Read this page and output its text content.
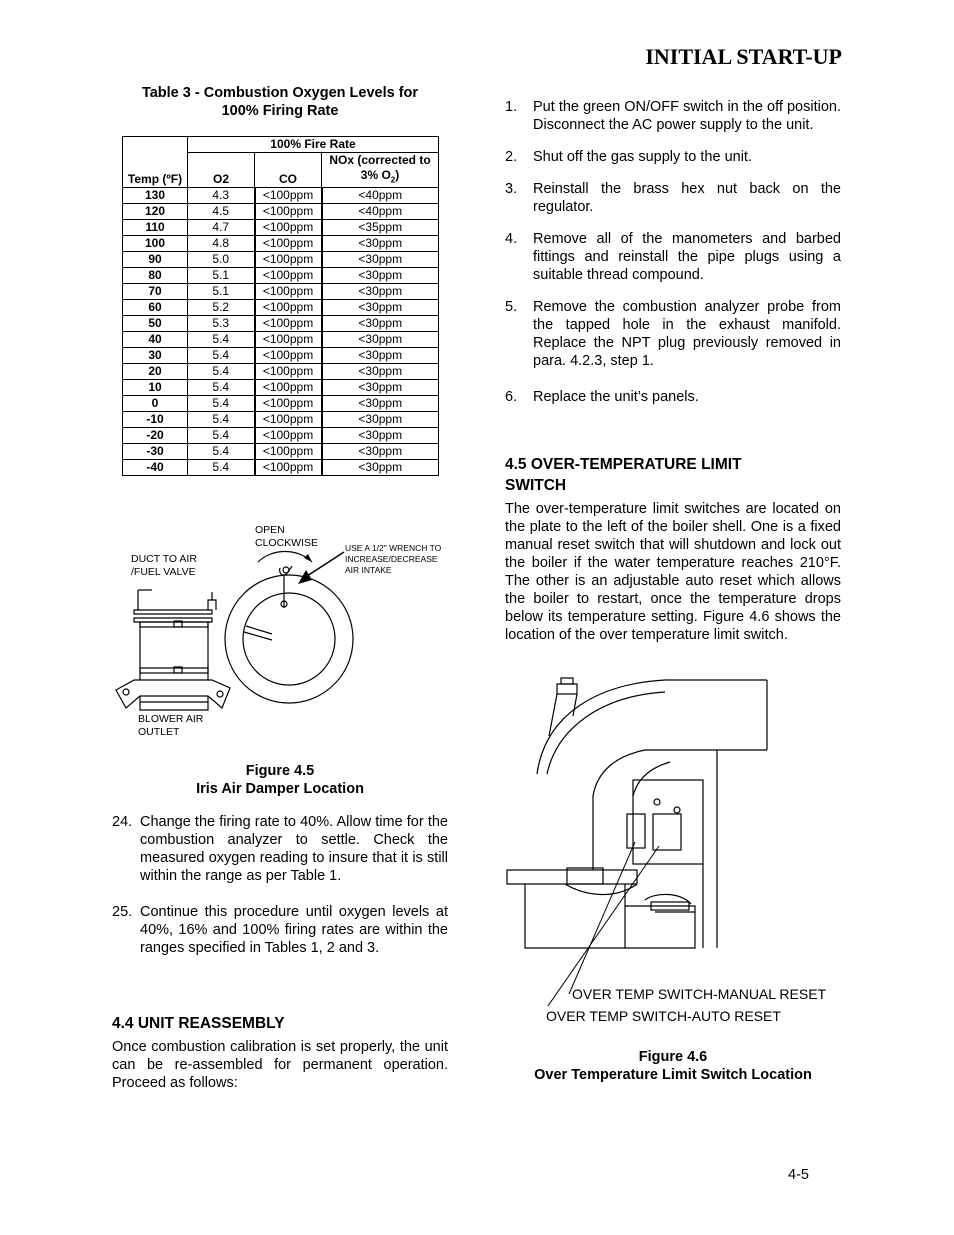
INITIAL START-UP
Table 3 - Combustion Oxygen Levels for
100% Firing Rate
Temp (ºF)	100% Fire Rate		
	O2	CO	NOx (corrected to
3% $O_2$)
130	4.3	<100ppm	<40ppm
120	4.5	<100ppm	<40ppm
110	4.7	<100ppm	<35ppm
100	4.8	<100ppm	<30ppm
90	5.0	<100ppm	<30ppm
80	5.1	<100ppm	<30ppm
70	5.1	<100ppm	<30ppm
60	5.2	<100ppm	<30ppm
50	5.3	<100ppm	<30ppm
40	5.4	<100ppm	<30ppm
30	5.4	<100ppm	<30ppm
20	5.4	<100ppm	<30ppm
10	5.4	<100ppm	<30ppm
0	5.4	<100ppm	<30ppm
-10	5.4	<100ppm	<30ppm
-20	5.4	<100ppm	<30ppm
-30	5.4	<100ppm	<30ppm
-40	5.4	<100ppm	<30ppm
OPEN
CLOCKWISE	USE A 1/2" WRENCH TO
INCREASE/DECREASE
AIR INTAKE
DUCT TO AIR
/FUEL VALVE
BLOWER AIR
OUTLET
Figure 4.5
Iris Air Damper Location
24. Change the firing rate to 40%. Allow time for the combustion analyzer to settle. Check the measured oxygen reading to insure that it is still within the range as per Table 1.
25. Continue this procedure until oxygen levels at 40%, 16% and 100% firing rates are within the ranges specified in Tables 1, 2 and 3.
4.4 UNIT REASSEMBLY
Once combustion calibration is set properly, the unit can be re-assembled for permanent operation. Proceed as follows:
1.	Put the green ON/OFF switch in the off position. Disconnect the AC power supply to the unit.
2.	Shut off the gas supply to the unit.
3.	Reinstall the brass hex nut back on the regulator.
4.	Remove all of the manometers and barbed fittings and reinstall the pipe plugs using a suitable thread compound.
5.	Remove the combustion analyzer probe from the tapped hole in the exhaust manifold. Replace the NPT plug previously removed in para. 4.2.3, step 1.
6.	Replace the unit’s panels.
4.5 OVER-TEMPERATURE LIMIT
SWITCH
The over-temperature limit switches are located on the plate to the left of the boiler shell. One is a fixed manual reset switch that will shutdown and lock out the boiler if the water temperature reaches 210°F. The other is an adjustable auto reset which allows the boiler to restart, once the temperature drops below its temperature setting. Figure 4.6 shows the location of the over temperature limit switch.
OVER TEMP SWITCH-MANUAL RESET
OVER TEMP SWITCH-AUTO RESET
Figure 4.6
Over Temperature Limit Switch Location
4-5
